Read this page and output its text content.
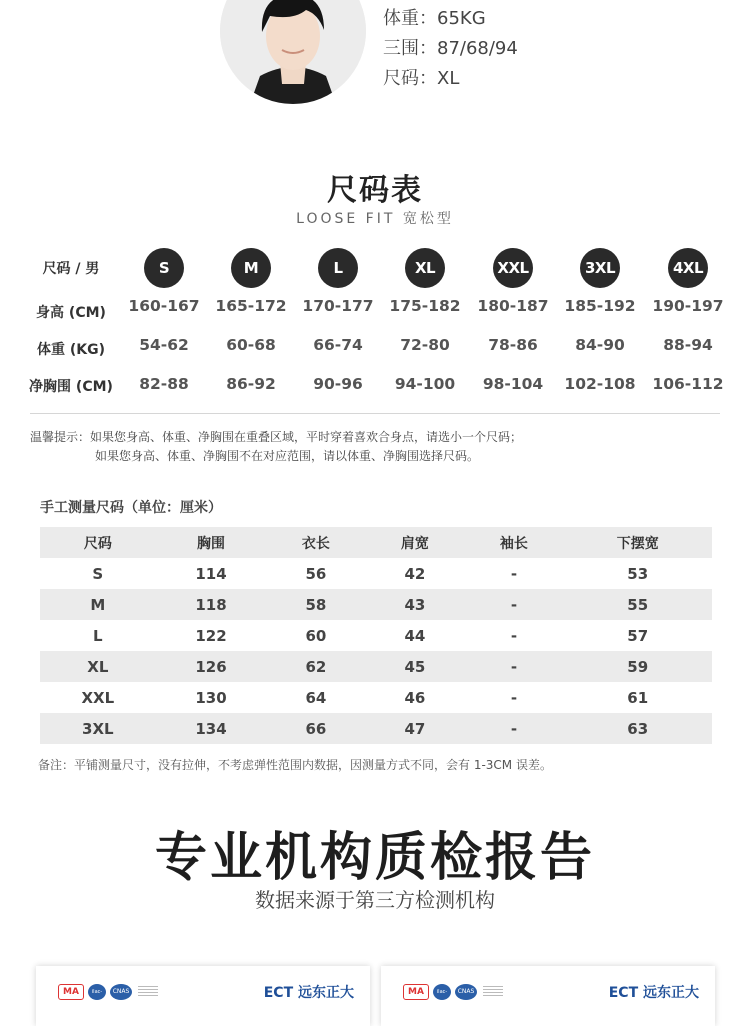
体重：65KG
三围：87/68/94
尺码：XL
尺码表
LOOSE FIT 宽松型
尺码 / 男	S	M	L	XL	XXL	3XL	4XL
身高 (CM)	160-167	165-172	170-177	175-182	180-187	185-192	190-197
体重 (KG)	54-62	60-68	66-74	72-80	78-86	84-90	88-94
净胸围 (CM)	82-88	86-92	90-96	94-100	98-104	102-108	106-112
温馨提示：如果您身高、体重、净胸围在重叠区域，平时穿着喜欢合身点，请选小一个尺码；
如果您身高、体重、净胸围不在对应范围，请以体重、净胸围选择尺码。
手工测量尺码（单位：厘米）
尺码	胸围	衣长	肩宽	袖长	下摆宽
S	114	56	42	-	53
M	118	58	43	-	55
L	122	60	44	-	57
XL	126	62	45	-	59
XXL	130	64	46	-	61
3XL	134	66	47	-	63
备注：平铺测量尺寸，没有拉伸，不考虑弹性范围内数据，因测量方式不同，会有 1-3CM 误差。
专业机构质检报告
数据来源于第三方检测机构
MA	ilac-MRA
CNAS	ECT 远东正大	MA	ilac-MRA
CNAS	ECT 远东正大
